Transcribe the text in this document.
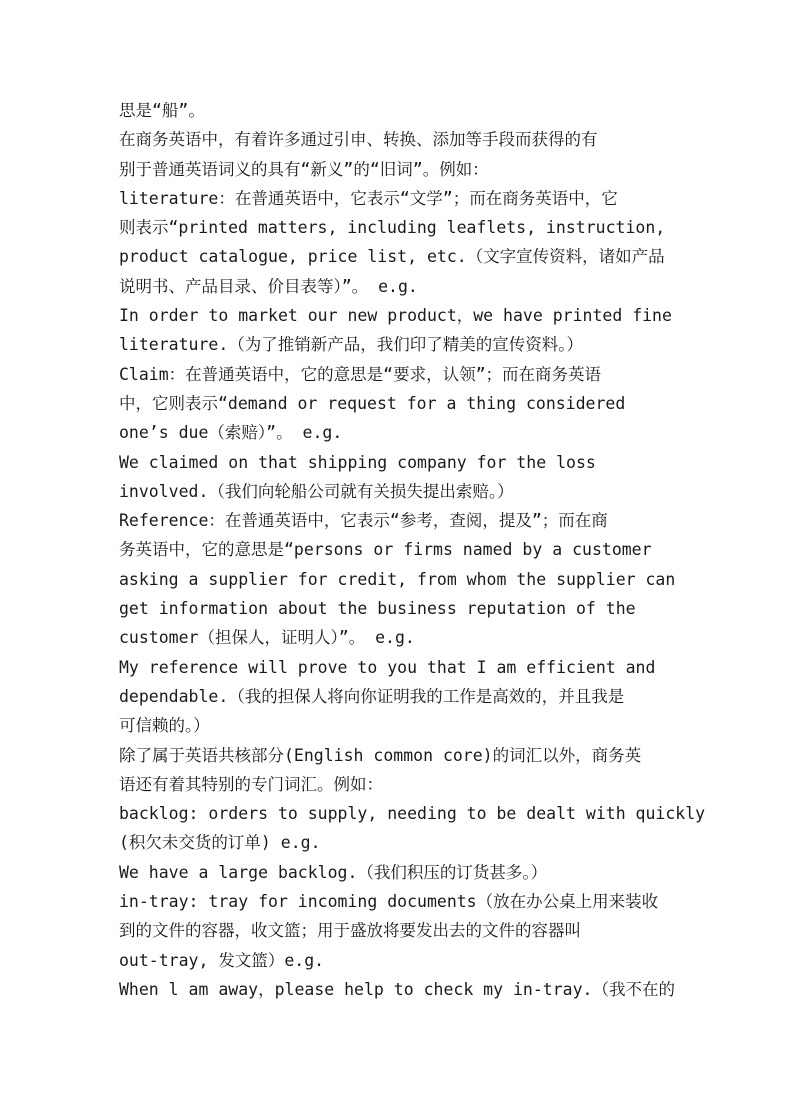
思是“船”。
在商务英语中，有着许多通过引申、转换、添加等手段而获得的有
别于普通英语词义的具有“新义”的“旧词”。例如：
literature：在普通英语中，它表示“文学”；而在商务英语中，它
则表示“printed matters, including leaflets, instruction,
product catalogue, price list, etc.（文字宣传资料，诸如产品
说明书、产品目录、价目表等）”。 e.g.
In order to market our new product，we have printed fine
literature.（为了推销新产品，我们印了精美的宣传资料。）
Claim：在普通英语中，它的意思是“要求，认领”；而在商务英语
中，它则表示“demand or request for a thing considered
one’s due（索赔）”。 e.g.
We claimed on that shipping company for the loss
involved.（我们向轮船公司就有关损失提出索赔。）
Reference：在普通英语中，它表示“参考，查阅，提及”；而在商
务英语中，它的意思是“persons or firms named by a customer
asking a supplier for credit, from whom the supplier can
get information about the business reputation of the
customer（担保人，证明人）”。 e.g.
My reference will prove to you that I am efficient and
dependable.（我的担保人将向你证明我的工作是高效的，并且我是
可信赖的。）
除了属于英语共核部分(English common core)的词汇以外，商务英
语还有着其特别的专门词汇。例如：
backlog: orders to supply, needing to be dealt with quickly
(积欠未交货的订单) e.g.
We have a large backlog.（我们积压的订货甚多。）
in-tray: tray for incoming documents（放在办公桌上用来装收
到的文件的容器，收文篮；用于盛放将要发出去的文件的容器叫
out-tray, 发文篮）e.g.
When l am away，please help to check my in-tray.（我不在的
